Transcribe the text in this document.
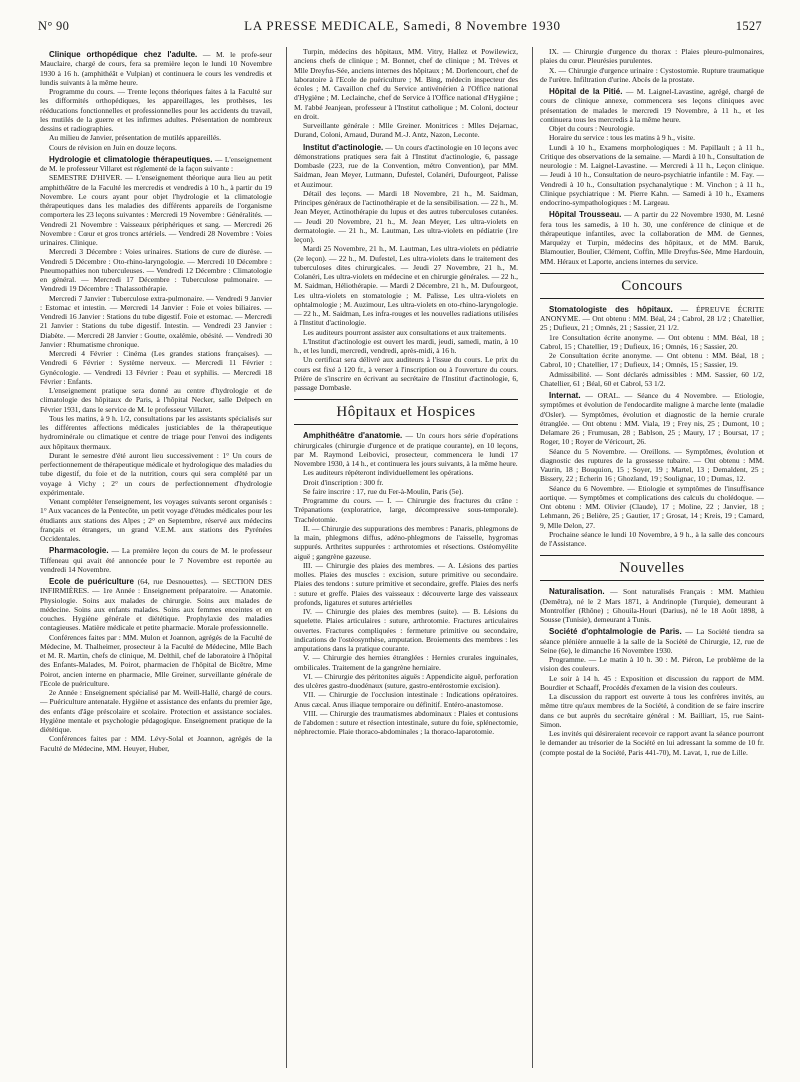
N° 90	LA PRESSE MEDICALE, Samedi, 8 Novembre 1930	1527

Clinique orthopédique chez l'adulte. — M. le profe-seur Mauclaire, chargé de cours, fera sa première leçon le lundi 10 Novembre 1930 à 16 h. (amphithéât e Vulpian) et continuera le cours les vendredis et lundis suivants à la même heure.

Programme du cours. — Trente leçons théoriques faites à la Faculté sur les difformités orthopédiques, les appareillages, les prothèses, les rééducations fonctionnelles et professionnelles pour les accidents du travail, les mutilés de la guerre et les infirmes adultes. Présentation de nombreux dessins et radiographies.

Au milieu de Janvier, présentation de mutilés appareillés.

Cours de révision en Juin en douze leçons.

Hydrologie et climatologie thérapeutiques. — L'enseignement de M. le professeur Villaret est réglementé de la façon suivante :

SEMESTRE D'HIVER. — L'enseignement théorique aura lieu au petit amphithéâtre de la Faculté les mercredis et vendredis à 10 h., à partir du 19 Novembre. Le cours ayant pour objet l'hydrologie et la climatologie thérapeutiques dans les maladies des différents appareils de l'organisme comportera les 23 leçons suivantes : Mercredi 19 Novembre : Généralités. — Vendredi 21 Novembre : Vaisseaux périphériques et sang. — Mercredi 26 Novembre : Cœur et gros troncs artériels. — Vendredi 28 Novembre : Voies urinaires. Clinique.

Mercredi 3 Décembre : Voies urinaires. Stations de cure de diurèse. — Vendredi 5 Décembre : Oto-rhino-laryngologie. — Mercredi 10 Décembre : Pneumopathies non tuberculeuses. — Vendredi 12 Décembre : Climatologie en général. — Mercredi 17 Décembre : Tuberculose pulmonaire. — Vendredi 19 Décembre : Thalassothérapie.

Mercredi 7 Janvier : Tuberculose extra-pulmonaire. — Vendredi 9 Janvier : Estomac et intestin. — Mercredi 14 Janvier : Foie et voies biliaires. — Vendredi 16 Janvier : Stations du tube digestif. Foie et estomac. — Mercredi 21 Janvier : Stations du tube digestif. Intestin. — Vendredi 23 Janvier : Diabète. — Mercredi 28 Janvier : Goutte, oxalémie, obésité. — Vendredi 30 Janvier : Rhumatisme chronique.

Mercredi 4 Février : Cinéma (Les grandes stations françaises). — Vendredi 6 Février : Système nerveux. — Mercredi 11 Février : Gynécologie. — Vendredi 13 Février : Peau et syphilis. — Mercredi 18 Février : Enfants.

L'enseignement pratique sera donné au centre d'hydrologie et de climatologie des hôpitaux de Paris, à l'hôpital Necker, salle Delpech en Février 1931, dans le service de M. le professeur Villaret.

Tous les matins, à 9 h. 1/2, consultations par les assistants spécialisés sur les différentes affections médicales justiciables de la thérapeutique hydrominérale ou climatique et centre de triage pour l'envoi des indigents aux hôpitaux thermaux.

Durant le semestre d'été auront lieu successivement : 1° Un cours de perfectionnement de thérapeutique médicale et hydrologique des maladies du tube digestif, du foie et de la nutrition, cours qui sera complété par un voyage à Vichy ; 2° un cours de perfectionnement d'hydrologie expérimentale.

Venant compléter l'enseignement, les voyages suivants seront organisés : 1° Aux vacances de la Pentecôte, un petit voyage d'études médicales pour les étudiants aux stations des Alpes ; 2° en Septembre, réservé aux médecins français et étrangers, un grand V.E.M. aux stations des Pyrénées Occidentales.

Pharmacologie. — La première leçon du cours de M. le professeur Tiffeneau qui avait été annoncée pour le 7 Novembre est reportée au vendredi 14 Novembre.

Ecole de puériculture (64, rue Desnouettes). — SECTION DES INFIRMIÈRES. — 1re Année : Enseignement préparatoire. — Anatomie. Physiologie. Soins aux malades de chirurgie. Soins aux malades de médecine. Soins aux enfants malades. Soins aux femmes enceintes et en couches. Hygiène générale et diététique. Prophylaxie des maladies contagieuses. Matière médicale et petite pharmacie. Morale professionnelle.

Conférences faites par : MM. Mulon et Joannon, agrégés de la Faculté de Médecine, M. Thalheimer, prosecteur à la Faculté de Médecine, Mlle Bach et M. R. Martin, chefs de clinique, M. Delthil, chef de laboratoire à l'hôpital des Enfants-Malades, M. Poirot, pharmacien de l'hôpital de Bicêtre, Mme Poirot, ancien interne en pharmacie, Mlle Greiner, surveillante générale de l'Ecole de puériculture.

2e Année : Enseignement spécialisé par M. Weill-Hallé, chargé de cours. — Puériculture antenatale. Hygiène et assistance des enfants du premier âge, des enfants d'âge préscolaire et scolaire. Protection et assistance sociales. Hygiène mentale et psychologie pédagogique. Enseignement pratique de la diététique.

Conférences faites par : MM. Lévy-Solal et Joannon, agrégés de la Faculté de Médecine, MM. Heuyer, Huber,

Turpin, médecins des hôpitaux, MM. Vitry, Hallez et Powilewicz, anciens chefs de clinique ; M. Bonnet, chef de clinique ; M. Trèves et Mlle Dreyfus-Sée, anciens internes des hôpitaux ; M. Dorlencourt, chef de laboratoire à l'Ecole de puériculture ; M. Bing, médecin inspecteur des écoles ; M. Cavaillon chef du Service antivénérien à l'Office national d'Hygiène ; M. Leclainche, chef de Service à l'Office national d'Hygiène ; M. l'abbé Jeanjean, professeur à l'Institut catholique ; M. Coloni, docteur en droit.

Surveillante générale : Mlle Greiner. Monitrices : Mlles Dejarnac, Durand, Coloni, Arnaud, Durand M.-J. Antz, Nazon, Leconte.

Institut d'actinologie. — Un cours d'actinologie en 10 leçons avec démonstrations pratiques sera fait à l'Institut d'actinologie, 6, passage Dombasle (223, rue de la Convention, métro Convention), par MM. Saidman, Jean Meyer, Lutmann, Dufestel, Colanéri, Dufourgeot, Palisse et Auzimour.

Détail des leçons. — Mardi 18 Novembre, 21 h., M. Saidman, Principes généraux de l'actinothérapie et de la sensibilisation. — 22 h., M. Jean Meyer, Actinothérapie du lupus et des autres tuberculoses cutanées. — Jeudi 20 Novembre, 21 h., M. Jean Meyer, Les ultra-violets en dermatologie. — 21 h., M. Lautman, Les ultra-violets en pédiatrie (1re leçon).

Mardi 25 Novembre, 21 h., M. Lautman, Les ultra-violets en pédiatrie (2e leçon). — 22 h., M. Dufestel, Les ultra-violets dans le traitement des tuberculoses dites chirurgicales. — Jeudi 27 Novembre, 21 h., M. Colanéri, Les ultra-violets en médecine et en chirurgie générales. — 22 h., M. Saidman, Héliothérapie. — Mardi 2 Décembre, 21 h., M. Dufourgeot, Les ultra-violets en stomatologie ; M. Palisse, Les ultra-violets en ophtalmologie ; M. Auzimour, Les ultra-violets en oto-rhino-laryngologie. — 22 h., M. Saidman, Les infra-rouges et les nouvelles radiations utilisées à l'Institut d'actinologie.

Les auditeurs pourront assister aux consultations et aux traitements.

L'Institut d'actinologie est ouvert les mardi, jeudi, samedi, matin, à 10 h., et les lundi, mercredi, vendredi, après-midi, à 16 h.

Un certificat sera délivré aux auditeurs à l'issue du cours. Le prix du cours est fixé à 120 fr., à verser à l'inscription ou à l'ouverture du cours. Prière de s'inscrire en écrivant au secrétaire de l'Institut d'actinologie, 6, passage Dombasle.

Hôpitaux et Hospices

Amphithéâtre d'anatomie. — Un cours hors série d'opérations chirurgicales (chirurgie d'urgence et de pratique courante), en 10 leçons, par M. Raymond Leibovici, prosecteur, commencera le lundi 17 Novembre 1930, à 14 h., et continuera les jours suivants, à la même heure.

Les auditeurs répéteront individuellement les opérations.

Droit d'inscription : 300 fr.

Se faire inscrire : 17, rue du Fer-à-Moulin, Paris (5e).

Programme du cours. — I. — Chirurgie des fractures du crâne : Trépanations (exploratrice, large, décompressive sous-temporale). Trachéotomie.

II. — Chirurgie des suppurations des membres : Panaris, phlegmons de la main, phlegmons diffus, adéno-phlegmons de l'aisselle, hygromas suppurés. Arthrites suppurées : arthrotomies et résections. Ostéomyélite aiguë ; gangrène gazeuse.

III. — Chirurgie des plaies des membres. — A. Lésions des parties molles. Plaies des muscles : excision, suture primitive ou secondaire. Plaies des tendons : suture primitive et secondaire, greffe. Plaies des nerfs : suture et greffe. Plaies des vaisseaux : découverte large des vaisseaux profonds, ligatures et sutures artérielles

IV. — Chirurgie des plaies des membres (suite). — B. Lésions du squelette. Plaies articulaires : suture, arthrotomie. Fractures articulaires ouvertes. Fractures compliquées : fermeture primitive ou secondaire, indications de l'ostéosynthèse, amputation. Broiements des membres : les amputations dans la pratique courante.

V. — Chirurgie des hernies étranglées : Hernies crurales inguinales, ombilicales. Traitement de la gangrène herniaire.

VI. — Chirurgie des péritonites aiguës : Appendicite aiguë, perforation des ulcères gastro-duodénaux (suture, gastro-entérostomie excision).

VII. — Chirurgie de l'occlusion intestinale : Indications opératoires. Anus cæcal. Anus iliaque temporaire ou définitif. Entéro-anastomose.

VIII. — Chirurgie des traumatismes abdominaux : Plaies et contusions de l'abdomen : suture et résection intestinale, suture du foie, splénectomie, néphrectomie. Plaie thoraco-abdominales ; la thoraco-laparotomie.

IX. — Chirurgie d'urgence du thorax : Plaies pleuro-pulmonaires, plaies du cœur. Pleurésies purulentes.

X. — Chirurgie d'urgence urinaire : Cystostomie. Rupture traumatique de l'urètre. Infiltration d'urine. Abcès de la prostate.

Hôpital de la Pitié. — M. Laignel-Lavastine, agrégé, chargé de cours de clinique annexe, commencera ses leçons cliniques avec présentation de malades le mercredi 19 Novembre, à 11 h., et les continuera tous les mercredis à la même heure.

Objet du cours : Neurologie.

Horaire du service : tous les matins à 9 h., visite.

Lundi à 10 h., Examens morphologiques : M. Papillault ; à 11 h., Critique des observations de la semaine. — Mardi à 10 h., Consultation de neurologie : M. Laignel-Lavastine. — Mercredi à 11 h., Leçon clinique. — Jeudi à 10 h., Consultation de neuro-psychiatrie infantile : M. Fay. — Vendredi à 10 h., Consultation psychanalytique : M. Vinchon ; à 11 h., Clinique psychiatrique : M. Pierre Kahn. — Samedi à 10 h., Examens endocrino-sympathologiques : M. Largeau.

Hôpital Trousseau. — A partir du 22 Novembre 1930, M. Lesné fera tous les samedis, à 10 h. 30, une conférence de clinique et de thérapeutique infantiles, avec la collaboration de MM. de Gennes, Marquézy et Turpin, médecins des hôpitaux, et de MM. Baruk, Blamoutier, Boulier, Clément, Coffin, Mlle Dreyfus-Sée, Mme Hardouin, MM. Héraux et Laporte, anciens internes du service.

Concours

Stomatologiste des hôpitaux. — ÉPREUVE ÉCRITE ANONYME. — Ont obtenu : MM. Béal, 24 ; Cabrol, 28 1/2 ; Chatellier, 25 ; Dufieux, 21 ; Omnès, 21 ; Sassier, 21 1/2.

1re Consultation écrite anonyme. — Ont obtenu : MM. Béal, 18 ; Cabrol, 15 ; Chatellier, 19 ; Dufieux, 16 ; Omnès, 16 ; Sassier, 20.

2e Consultation écrite anonyme. — Ont obtenu : MM. Béal, 18 ; Cabrol, 10 ; Chatellier, 17 ; Dufieux, 14 ; Omnès, 15 ; Sassier, 19.

Admissibilité. — Sont déclarés admissibles : MM. Sassier, 60 1/2, Chatellier, 61 ; Béal, 60 et Cabrol, 53 1/2.

Internat. — ORAL. — Séance du 4 Novembre. — Etiologie, symptômes et évolution de l'endocardite maligne à marche lente (maladie d'Osler). — Symptômes, évolution et diagnostic de la hernie crurale étranglée. — Ont obtenu : MM. Viala, 19 ; Frey nis, 25 ; Dumont, 10 ; Delamare 26 ; Frumusan, 28 ; Bablson, 25 ; Maury, 17 ; Boursat, 17 ; Roger, 10 ; Royer de Véricourt, 26.

Séance du 5 Novembre. — Oreillons. — Symptômes, évolution et diagnostic des ruptures de la grossesse tubaire. — Ont obtenu : MM. Vaurin, 18 ; Bouquion, 15 ; Soyer, 19 ; Martel, 13 ; Demaldent, 25 ; Bissery, 22 ; Echerin 16 ; Ghozland, 19 ; Soulignac, 10 ; Dumas, 12.

Séance du 6 Novembre. — Etiologie et symptômes de l'insuffisance aortique. — Symptômes et complications des calculs du cholédoque. — Ont obtenu : MM. Olivier (Claude), 17 ; Moline, 22 ; Janvier, 18 ; Lehmann, 26 ; Belière, 25 ; Gautier, 17 ; Grosat, 14 ; Kreis, 19 ; Camard, 9, Mlle Delon, 27.

Prochaine séance le lundi 10 Novembre, à 9 h., à la salle des concours de l'Assistance.

Nouvelles

Naturalisation. — Sont naturalisés Français : MM. Mathieu (Demêtra), né le 2 Mars 1871, à Andrinople (Turquie), demeurant à Montrolfier (Rhône) ; Ghouila-Houri (Darius), né le 18 Août 1898, à Sousse (Tunisie), demeurant à Tunis.

Société d'ophtalmologie de Paris. — La Société tiendra sa séance plénière annuelle à la salle de la Société de Chirurgie, 12, rue de Seine (6e), le dimanche 16 Novembre 1930.

Programme. — Le matin à 10 h. 30 : M. Piéron, Le problème de la vision des couleurs.

Le soir à 14 h. 45 : Exposition et discussion du rapport de MM. Bourdier et Schaaff, Procédés d'examen de la vision des couleurs.

La discussion du rapport est ouverte à tous les confrères invités, au même titre qu'aux membres de la Société, à condition de se faire inscrire dans ce but auprès du secrétaire général : M. Bailliart, 15, rue Saint-Simon.

Les invités qui désireraient recevoir ce rapport avant la séance pourront le demander au trésorier de la Société en lui adressant la somme de 10 fr. (compte postal de la Société, Paris 441-70), M. Lavat, 1, rue de Lille.
